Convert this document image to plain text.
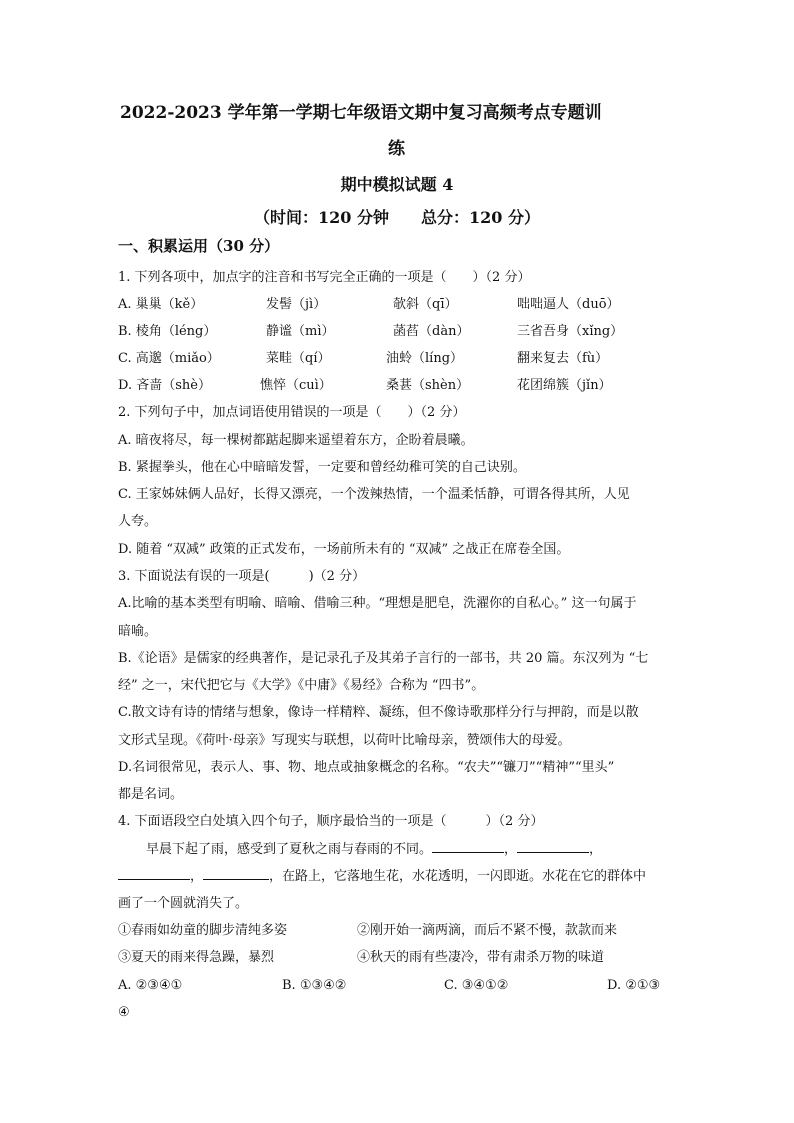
2022-2023 学年第一学期七年级语文期中复习高频考点专题训
练
期中模拟试题 4
（时间：120 分钟　　总分：120 分）
一、积累运用（30 分）
1. 下列各项中，加点字的注音和书写完全正确的一项是（　　）（2 分）
A. 巢巢（kě）	发髻（jì）	欹斜（qī）	咄咄逼人（duō）
B. 棱角（léng）	静谧（mì）	菡萏（dàn）	三省吾身（xǐng）
C. 高邈（miǎo）	菜畦（qí）	油蛉（líng）	翻来复去（fù）
D. 吝啬（shè）	憔悴（cuì）	桑葚（shèn）	花团绵簇（jǐn）
2. 下列句子中，加点词语使用错误的一项是（　　）（2 分）
A. 暗夜将尽，每一棵树都踮起脚来遥望着东方，企盼着晨曦。
B. 紧握拳头，他在心中暗暗发誓，一定要和曾经幼稚可笑的自己诀别。
C. 王家姊妹俩人品好，长得又漂亮，一个泼辣热情，一个温柔恬静，可谓各得其所，人见
人夸。
D. 随着 “双减” 政策的正式发布，一场前所未有的 “双减” 之战正在席卷全国。
3. 下面说法有误的一项是(　　　)（2 分）
A.比喻的基本类型有明喻、暗喻、借喻三种。“理想是肥皂，洗濯你的自私心。” 这一句属于
暗喻。
B.《论语》是儒家的经典著作，是记录孔子及其弟子言行的一部书，共 20 篇。东汉列为 “七
经” 之一，宋代把它与《大学》《中庸》《易经》合称为 “四书”。
C.散文诗有诗的情绪与想象，像诗一样精粹、凝练，但不像诗歌那样分行与押韵，而是以散
文形式呈现。《荷叶·母亲》写现实与联想，以荷叶比喻母亲，赞颂伟大的母爱。
D.名词很常见，表示人、事、物、地点或抽象概念的名称。“农夫”“镰刀”“精神”“里头”
都是名词。
4. 下面语段空白处填入四个句子，顺序最恰当的一项是（　　　）（2 分）
早晨下起了雨，感受到了夏秋之雨与春雨的不同。	，	，
，	，在路上，它落地生花，水花透明，一闪即逝。水花在它的群体中
画了一个圆就消失了。
①春雨如幼童的脚步清纯多姿	②刚开始一滴两滴，而后不紧不慢，款款而来
③夏天的雨来得急躁，暴烈	④秋天的雨有些凄冷，带有肃杀万物的味道
A. ②③④①	B. ①③④②	C. ③④①②	D. ②①③
④
